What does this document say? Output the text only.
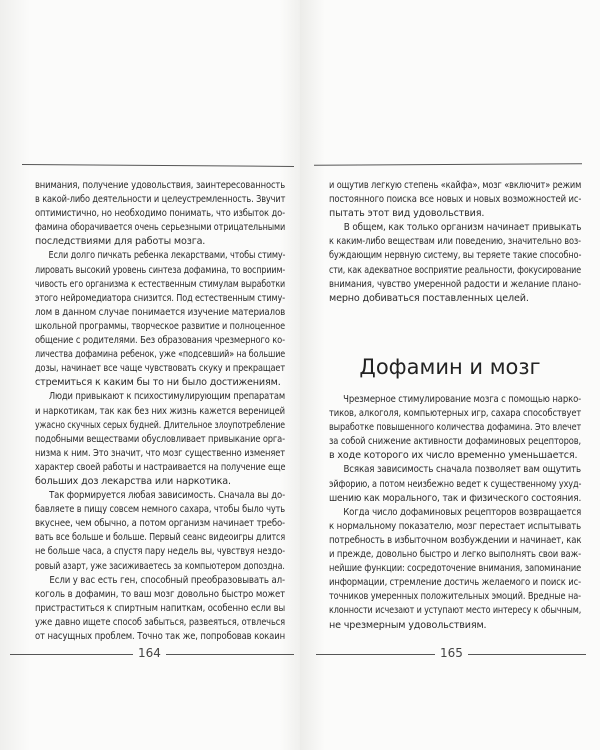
внимания, получение удовольствия, заинтересованность
в какой-либо деятельности и целеустремленность. Звучит
оптимистично, но необходимо понимать, что избыток до-
фамина оборачивается очень серьезными отрицательными
последствиями для работы мозга.
Если долго пичкать ребенка лекарствами, чтобы стиму-
лировать высокий уровень синтеза дофамина, то восприим-
чивость его организма к естественным стимулам выработки
этого нейромедиатора снизится. Под естественным стиму-
лом в данном случае понимается изучение материалов
школьной программы, творческое развитие и полноценное
общение с родителями. Без образования чрезмерного ко-
личества дофамина ребенок, уже «подсевший» на большие
дозы, начинает все чаще чувствовать скуку и прекращает
стремиться к каким бы то ни было достижениям.
Люди привыкают к психостимулирующим препаратам
и наркотикам, так как без них жизнь кажется вереницей
ужасно скучных серых будней. Длительное злоупотребление
подобными веществами обусловливает привыкание орга-
низма к ним. Это значит, что мозг существенно изменяет
характер своей работы и настраивается на получение еще
больших доз лекарства или наркотика.
Так формируется любая зависимость. Сначала вы до-
бавляете в пищу совсем немного сахара, чтобы было чуть
вкуснее, чем обычно, а потом организм начинает требо-
вать все больше и больше. Первый сеанс видеоигры длится
не больше часа, а спустя пару недель вы, чувствуя нездо-
ровый азарт, уже засиживаетесь за компьютером допоздна.
Если у вас есть ген, способный преобразовывать ал-
коголь в дофамин, то ваш мозг довольно быстро может
пристраститься к спиртным напиткам, особенно если вы
уже давно ищете способ забыться, развеяться, отвлечься
от насущных проблем. Точно так же, попробовав кокаин
164
и ощутив легкую степень «кайфа», мозг «включит» режим
постоянного поиска все новых и новых возможностей ис-
пытать этот вид удовольствия.
В общем, как только организм начинает привыкать
к каким-либо веществам или поведению, значительно воз-
буждающим нервную систему, вы теряете такие способно-
сти, как адекватное восприятие реальности, фокусирование
внимания, чувство умеренной радости и желание плано-
мерно добиваться поставленных целей.
Дофамин и мозг
Чрезмерное стимулирование мозга с помощью нарко-
тиков, алкоголя, компьютерных игр, сахара способствует
выработке повышенного количества дофамина. Это влечет
за собой снижение активности дофаминовых рецепторов,
в ходе которого их число временно уменьшается.
Всякая зависимость сначала позволяет вам ощутить
эйфорию, а потом неизбежно ведет к существенному ухуд-
шению как морального, так и физического состояния.
Когда число дофаминовых рецепторов возвращается
к нормальному показателю, мозг перестает испытывать
потребность в избыточном возбуждении и начинает, как
и прежде, довольно быстро и легко выполнять свои важ-
нейшие функции: сосредоточение внимания, запоминание
информации, стремление достичь желаемого и поиск ис-
точников умеренных положительных эмоций. Вредные на-
клонности исчезают и уступают место интересу к обычным,
не чрезмерным удовольствиям.
165
